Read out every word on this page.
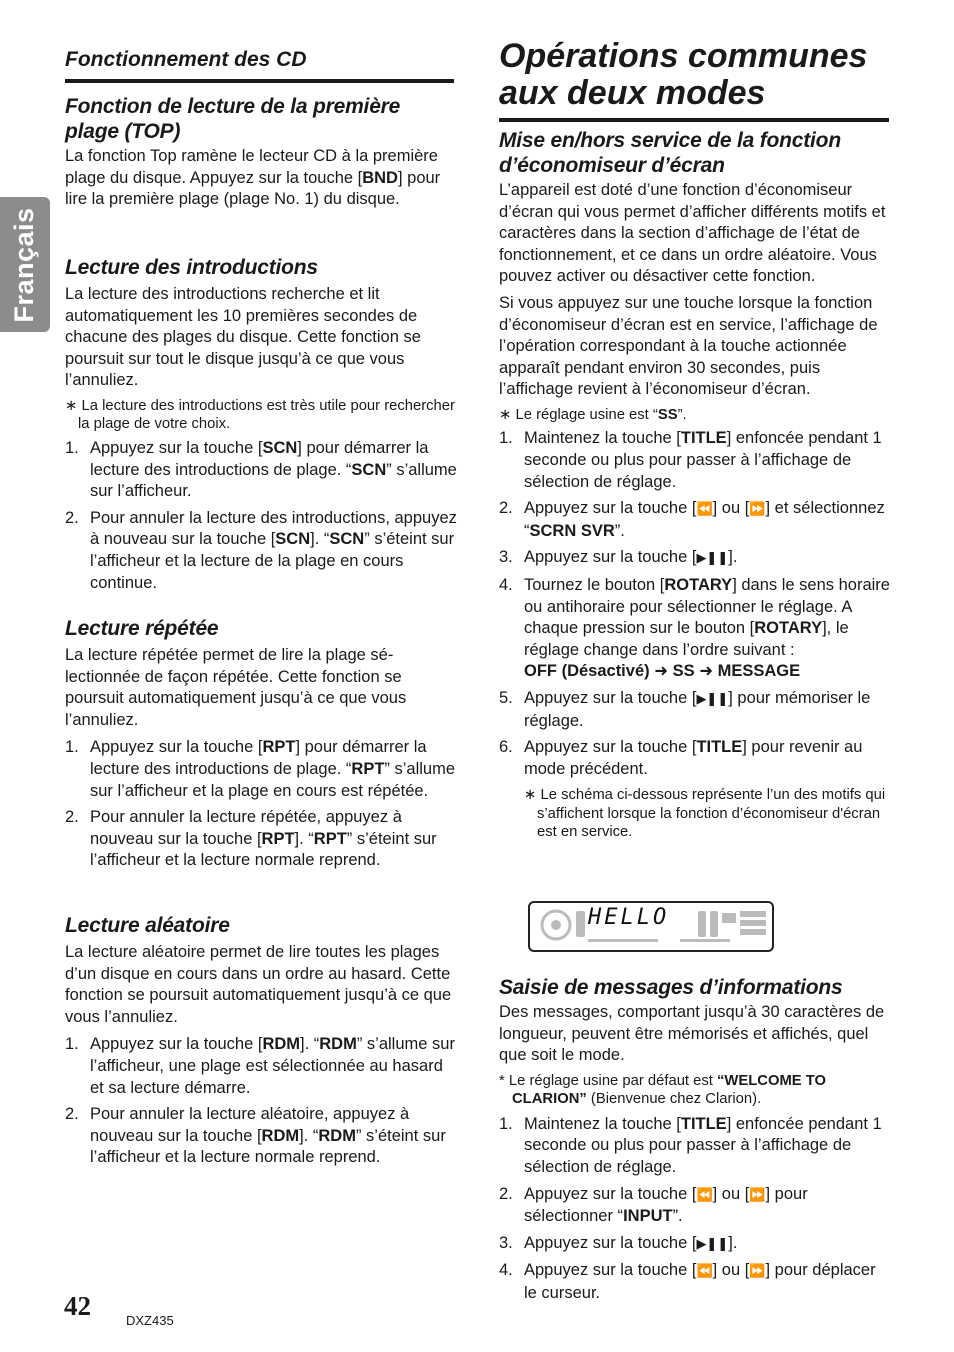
Français
Fonctionnement des CD
Fonction de lecture de la première plage (TOP)

La fonction Top ramène le lecteur CD à la première plage du disque. Appuyez sur la touche [BND] pour lire la première plage (plage No. 1) du disque.

Lecture des introductions

La lecture des introductions recherche et lit automatiquement les 10 premières secondes de chacune des plages du disque. Cette fonction se poursuit sur tout le disque jusqu’à ce que vous l’annuliez.

∗ La lecture des introductions est très utile pour rechercher la plage de votre choix.

1. Appuyez sur la touche [SCN] pour démarrer la lecture des introductions de plage. “SCN” s’allume sur l’afficheur.
2. Pour annuler la lecture des introductions, appuyez à nouveau sur la touche [SCN]. “SCN” s’éteint sur l’afficheur et la lecture de la plage en cours continue.
Lecture répétée

La lecture répétée permet de lire la plage sé- lectionnée de façon répétée. Cette fonction se poursuit automatiquement jusqu’à ce que vous l’annuliez.

1. Appuyez sur la touche [RPT] pour démarrer la lecture des introductions de plage. “RPT” s’allume sur l’afficheur et la plage en cours est répétée.
2. Pour annuler la lecture répétée, appuyez à nouveau sur la touche [RPT]. “RPT” s’éteint sur l’afficheur et la lecture normale reprend.
Lecture aléatoire

La lecture aléatoire permet de lire toutes les plages d’un disque en cours dans un ordre au hasard. Cette fonction se poursuit automatiquement jusqu’à ce que vous l’annuliez.

1. Appuyez sur la touche [RDM]. “RDM” s’allume sur l’afficheur, une plage est sélectionnée au hasard et sa lecture démarre.
2. Pour annuler la lecture aléatoire, appuyez à nouveau sur la touche [RDM]. “RDM” s’éteint sur l’afficheur et la lecture normale reprend.
Opérations communes aux deux modes
Mise en/hors service de la fonction d’économiseur d’écran

L’appareil est doté d’une fonction d’économiseur d’écran qui vous permet d’afficher différents motifs et caractères dans la section d’affichage de l’état de fonctionnement, et ce dans un ordre aléatoire. Vous pouvez activer ou désactiver cette fonction.

Si vous appuyez sur une touche lorsque la fonction d’économiseur d’écran est en service, l’affichage de l’opération correspondant à la touche actionnée apparaît pendant environ 30 secondes, puis l’affichage revient à l’économiseur d’écran.

∗ Le réglage usine est “SS”.

1. Maintenez la touche [TITLE] enfoncée pendant 1 seconde ou plus pour passer à l’affichage de sélection de réglage.
2. Appuyez sur la touche [⏪] ou [⏩] et sélectionnez “SCRN SVR”.
3. Appuyez sur la touche [▶❚❚].
4. Tournez le bouton [ROTARY] dans le sens horaire ou antihoraire pour sélectionner le réglage. A chaque pression sur le bouton [ROTARY], le réglage change dans l’ordre suivant :
OFF (Désactivé) ➜ SS ➜ MESSAGE
5. Appuyez sur la touche [▶❚❚] pour mémoriser le réglage.
6. Appuyez sur la touche [TITLE] pour revenir au mode précédent.

∗ Le schéma ci-dessous représente l’un des motifs qui s’affichent lorsque la fonction d’économiseur d'écran est en service.

HELLO
Saisie de messages d’informations

Des messages, comportant jusqu’à 30 caractères de longueur, peuvent être mémorisés et affichés, quel que soit le mode.

* Le réglage usine par défaut est “WELCOME TO CLARION” (Bienvenue chez Clarion).

1. Maintenez la touche [TITLE] enfoncée pendant 1 seconde ou plus pour passer à l’affichage de sélection de réglage.
2. Appuyez sur la touche [⏪] ou [⏩] pour sélectionner “INPUT”.
3. Appuyez sur la touche [▶❚❚].
4. Appuyez sur la touche [⏪] ou [⏩] pour déplacer le curseur.
42	DXZ435
